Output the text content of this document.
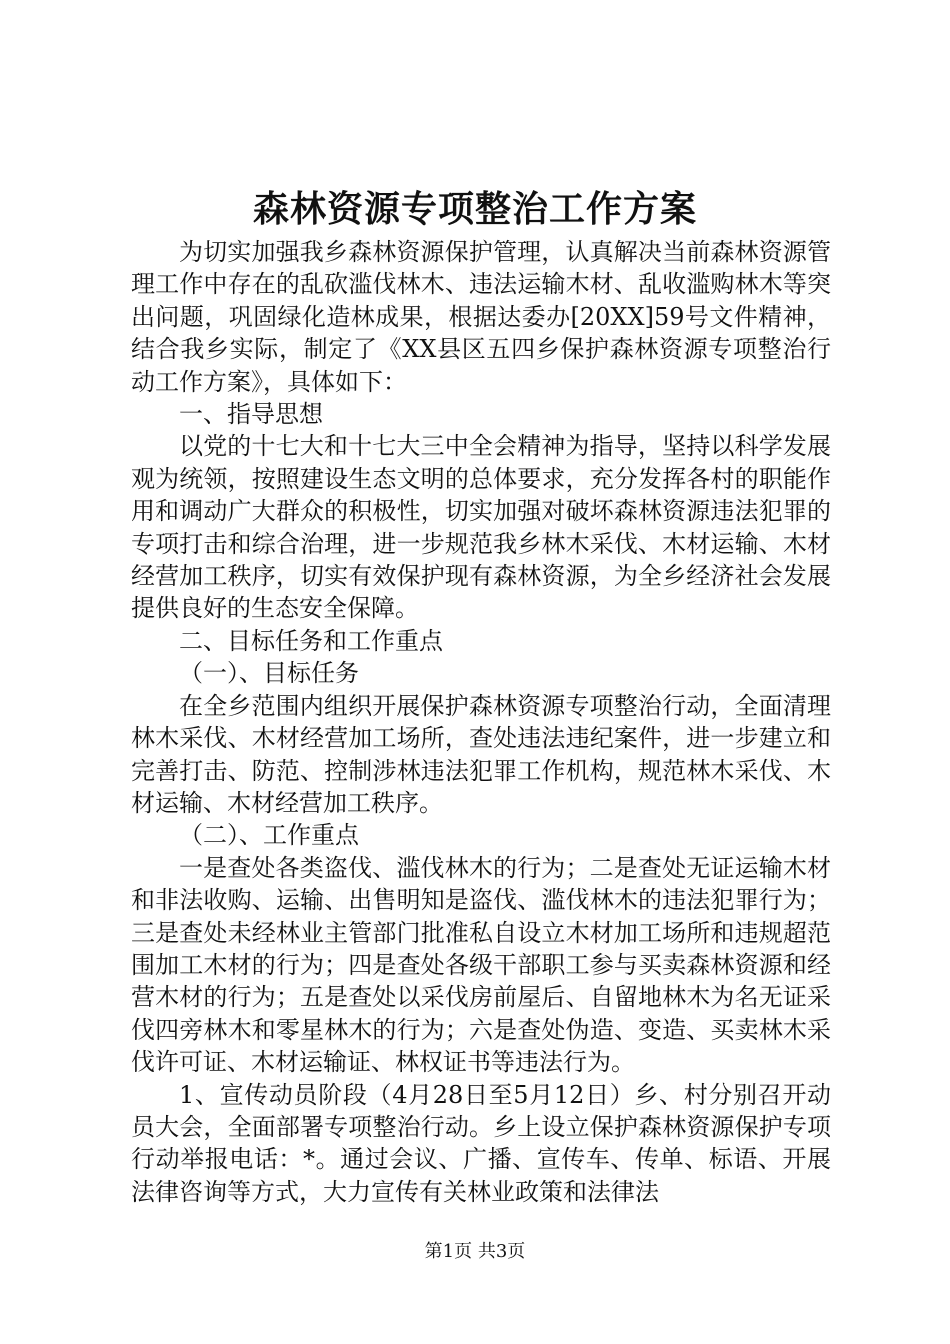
森林资源专项整治工作方案

为切实加强我乡森林资源保护管理，认真解决当前森林资源管理工作中存在的乱砍滥伐林木、违法运输木材、乱收滥购林木等突出问题，巩固绿化造林成果，根据达委办[20XX]59号文件精神，结合我乡实际，制定了《XX县区五四乡保护森林资源专项整治行动工作方案》，具体如下：

一、指导思想

以党的十七大和十七大三中全会精神为指导，坚持以科学发展观为统领，按照建设生态文明的总体要求，充分发挥各村的职能作用和调动广大群众的积极性，切实加强对破坏森林资源违法犯罪的专项打击和综合治理，进一步规范我乡林木采伐、木材运输、木材经营加工秩序，切实有效保护现有森林资源，为全乡经济社会发展提供良好的生态安全保障。

二、目标任务和工作重点

（一）、目标任务

在全乡范围内组织开展保护森林资源专项整治行动，全面清理林木采伐、木材经营加工场所，查处违法违纪案件，进一步建立和完善打击、防范、控制涉林违法犯罪工作机构，规范林木采伐、木材运输、木材经营加工秩序。

（二）、工作重点

一是查处各类盗伐、滥伐林木的行为；二是查处无证运输木材和非法收购、运输、出售明知是盗伐、滥伐林木的违法犯罪行为；三是查处未经林业主管部门批准私自设立木材加工场所和违规超范围加工木材的行为；四是查处各级干部职工参与买卖森林资源和经营木材的行为；五是查处以采伐房前屋后、自留地林木为名无证采伐四旁林木和零星林木的行为；六是查处伪造、变造、买卖林木采伐许可证、木材运输证、林权证书等违法行为。

1、宣传动员阶段（4月28日至5月12日）乡、村分别召开动员大会，全面部署专项整治行动。乡上设立保护森林资源保护专项行动举报电话：*。通过会议、广播、宣传车、传单、标语、开展法律咨询等方式，大力宣传有关林业政策和法律法

第1页 共3页
